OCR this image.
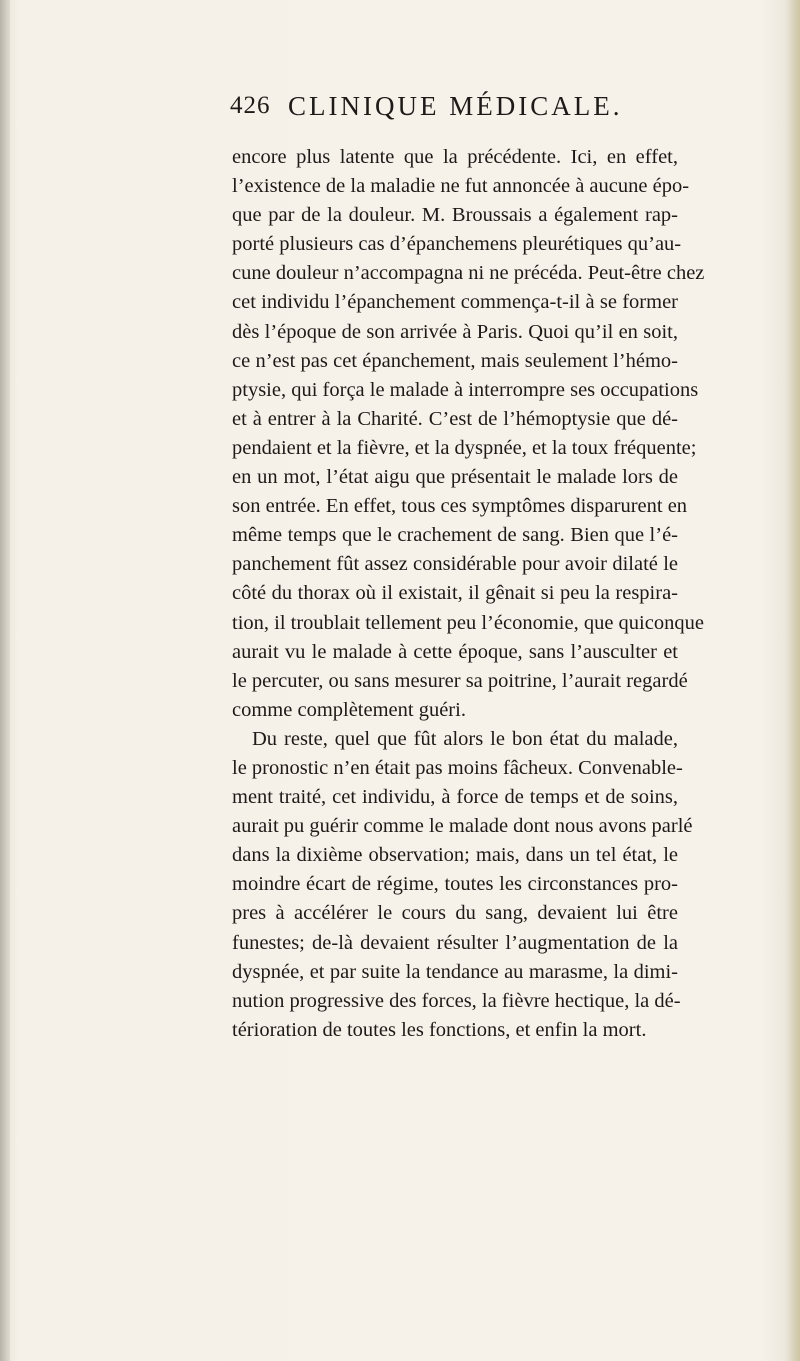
426 CLINIQUE MÉDICALE.
encore plus latente que la précédente. Ici, en effet,
l’existence de la maladie ne fut annoncée à aucune épo-
que par de la douleur. M. Broussais a également rap-
porté plusieurs cas d’épanchemens pleurétiques qu’au-
cune douleur n’accompagna ni ne précéda. Peut-être chez
cet individu l’épanchement commença-t-il à se former
dès l’époque de son arrivée à Paris. Quoi qu’il en soit,
ce n’est pas cet épanchement, mais seulement l’hémo-
ptysie, qui força le malade à interrompre ses occupations
et à entrer à la Charité. C’est de l’hémoptysie que dé-
pendaient et la fièvre, et la dyspnée, et la toux fréquente;
en un mot, l’état aigu que présentait le malade lors de
son entrée. En effet, tous ces symptômes disparurent en
même temps que le crachement de sang. Bien que l’é-
panchement fût assez considérable pour avoir dilaté le
côté du thorax où il existait, il gênait si peu la respira-
tion, il troublait tellement peu l’économie, que quiconque
aurait vu le malade à cette époque, sans l’ausculter et
le percuter, ou sans mesurer sa poitrine, l’aurait regardé
comme complètement guéri.
Du reste, quel que fût alors le bon état du malade,
le pronostic n’en était pas moins fâcheux. Convenable-
ment traité, cet individu, à force de temps et de soins,
aurait pu guérir comme le malade dont nous avons parlé
dans la dixième observation; mais, dans un tel état, le
moindre écart de régime, toutes les circonstances pro-
pres à accélérer le cours du sang, devaient lui être
funestes; de-là devaient résulter l’augmentation de la
dyspnée, et par suite la tendance au marasme, la dimi-
nution progressive des forces, la fièvre hectique, la dé-
térioration de toutes les fonctions, et enfin la mort.
